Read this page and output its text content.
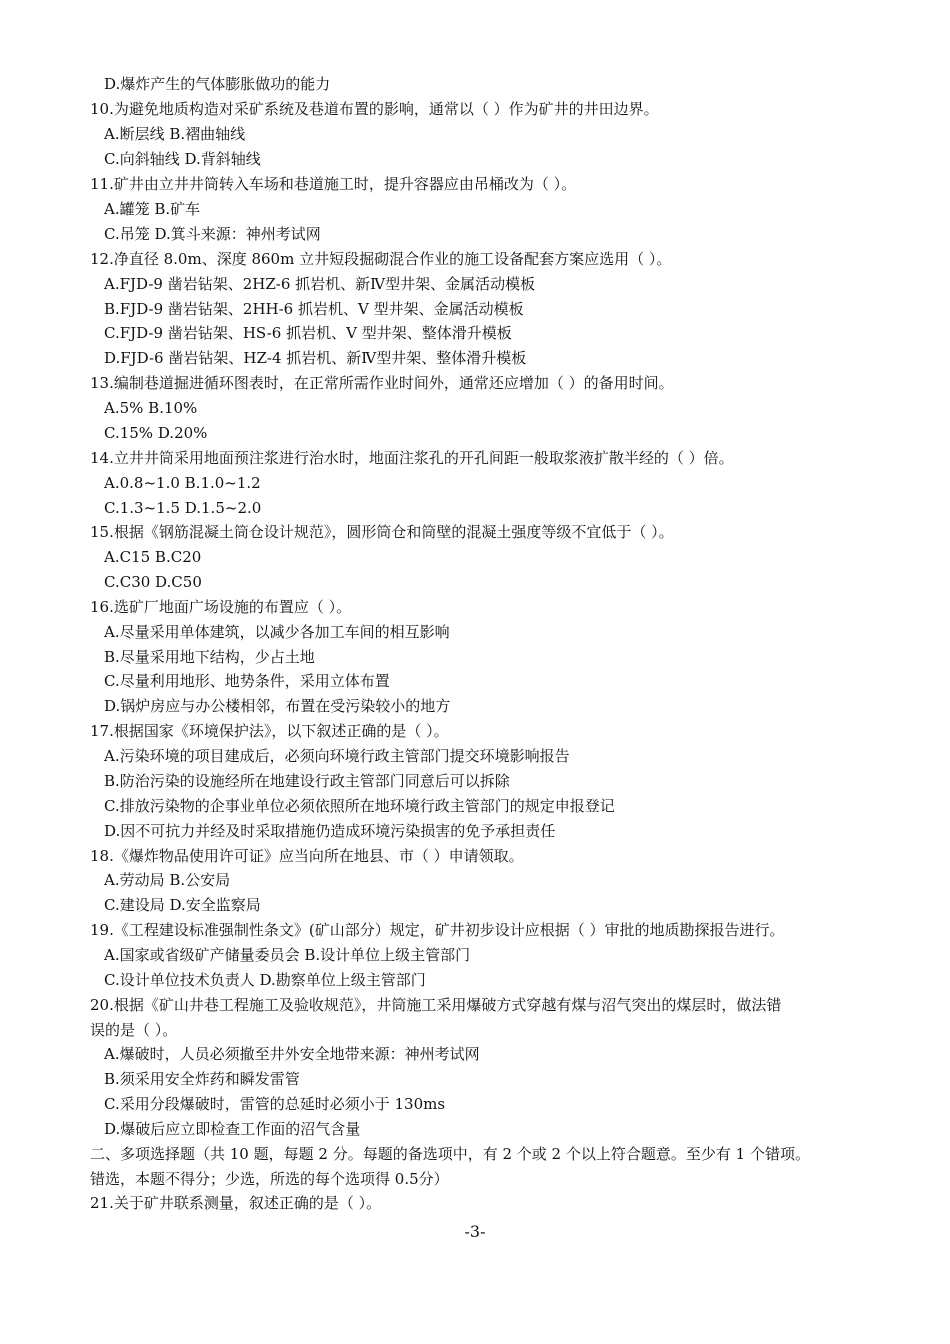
D.爆炸产生的气体膨胀做功的能力
10.为避免地质构造对采矿系统及巷道布置的影响，通常以（ ）作为矿井的井田边界。
A.断层线 B.褶曲轴线
C.向斜轴线 D.背斜轴线
11.矿井由立井井筒转入车场和巷道施工时，提升容器应由吊桶改为（ ）。
A.罐笼 B.矿车
C.吊笼 D.箕斗来源：神州考试网
12.净直径 8.0m、深度 860m 立井短段掘砌混合作业的施工设备配套方案应选用（ ）。
A.FJD-9 凿岩钻架、2HZ-6 抓岩机、新Ⅳ型井架、金属活动模板
B.FJD-9 凿岩钻架、2HH-6 抓岩机、V 型井架、金属活动模板
C.FJD-9 凿岩钻架、HS-6 抓岩机、V 型井架、整体滑升模板
D.FJD-6 凿岩钻架、HZ-4 抓岩机、新Ⅳ型井架、整体滑升模板
13.编制巷道掘进循环图表时，在正常所需作业时间外，通常还应增加（ ）的备用时间。
A.5% B.10%
C.15% D.20%
14.立井井筒采用地面预注浆进行治水时，地面注浆孔的开孔间距一般取浆液扩散半经的（ ）倍。
A.0.8~1.0 B.1.0~1.2
C.1.3~1.5 D.1.5~2.0
15.根据《钢筋混凝土筒仓设计规范》，圆形筒仓和筒壁的混凝土强度等级不宜低于（ ）。
A.C15 B.C20
C.C30 D.C50
16.选矿厂地面广场设施的布置应（ ）。
A.尽量采用单体建筑，以减少各加工车间的相互影响
B.尽量采用地下结构，少占土地
C.尽量利用地形、地势条件，采用立体布置
D.锅炉房应与办公楼相邻，布置在受污染较小的地方
17.根据国家《环境保护法》，以下叙述正确的是（ ）。
A.污染环境的项目建成后，必须向环境行政主管部门提交环境影响报告
B.防治污染的设施经所在地建设行政主管部门同意后可以拆除
C.排放污染物的企事业单位必须依照所在地环境行政主管部门的规定申报登记
D.因不可抗力并经及时采取措施仍造成环境污染损害的免予承担责任
18.《爆炸物品使用许可证》应当向所在地县、市（ ）申请领取。
A.劳动局 B.公安局
C.建设局 D.安全监察局
19.《工程建设标准强制性条文》(矿山部分）规定，矿井初步设计应根据（ ）审批的地质勘探报告进行。
A.国家或省级矿产储量委员会 B.设计单位上级主管部门
C.设计单位技术负责人 D.勘察单位上级主管部门
20.根据《矿山井巷工程施工及验收规范》，井筒施工采用爆破方式穿越有煤与沼气突出的煤层时，做法错
误的是（ ）。
A.爆破时，人员必须撤至井外安全地带来源：神州考试网
B.须采用安全炸药和瞬发雷管
C.采用分段爆破时，雷管的总延时必须小于 130ms
D.爆破后应立即检查工作面的沼气含量
二、多项选择题（共 10 题，每题 2 分。每题的备选项中，有 2 个或 2 个以上符合题意。至少有 1 个错项。
错选，本题不得分；少选，所选的每个选项得 0.5分）
21.关于矿井联系测量，叙述正确的是（ ）。
-3-
